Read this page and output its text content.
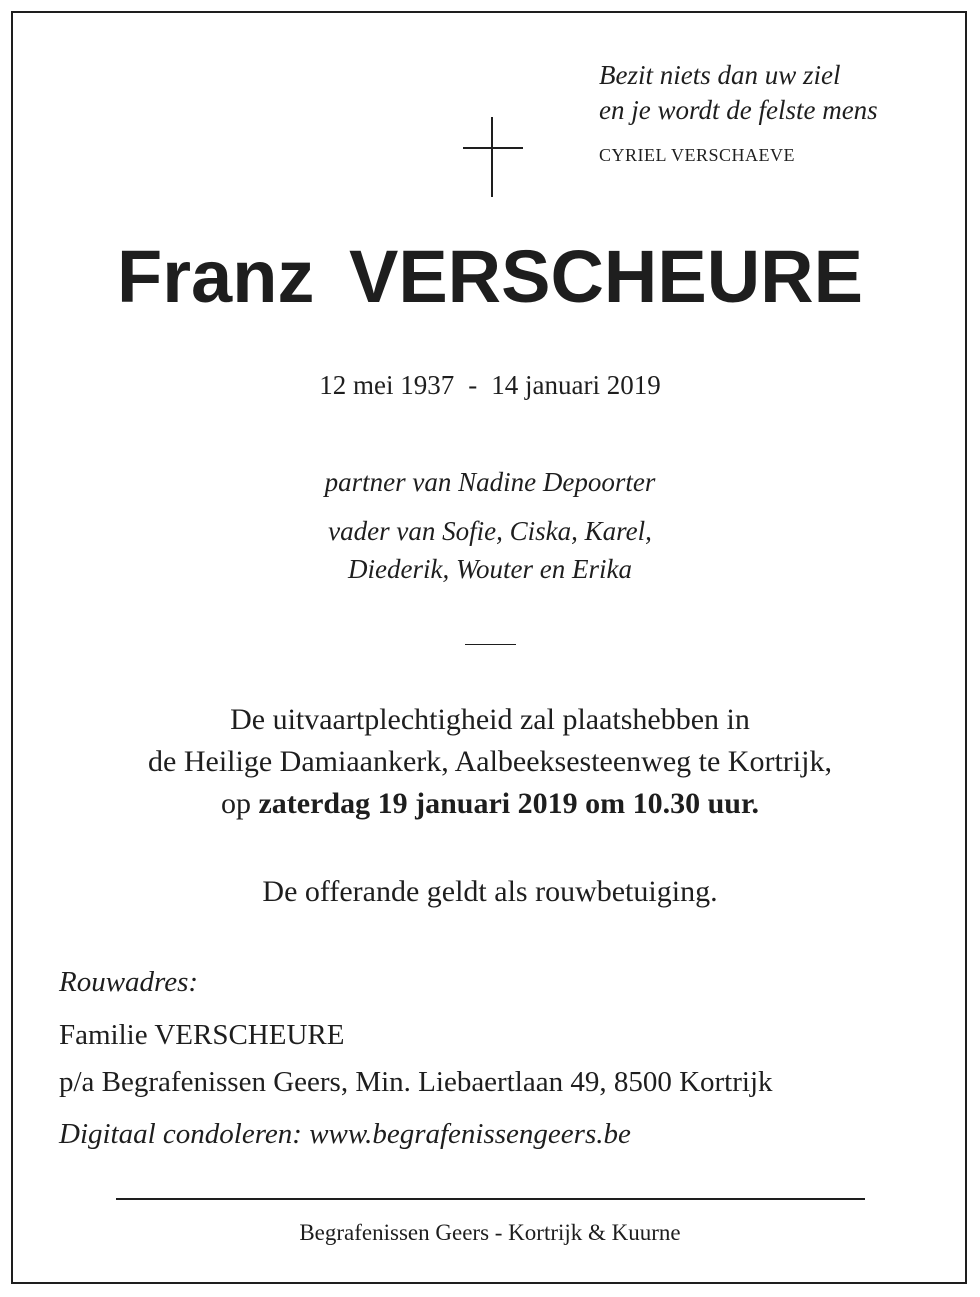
Bezit niets dan uw ziel
en je wordt de felste mens
CYRIEL VERSCHAEVE
Franz VERSCHEURE
12 mei 1937 - 14 januari 2019
partner van Nadine Depoorter
vader van Sofie, Ciska, Karel,
Diederik, Wouter en Erika
De uitvaartplechtigheid zal plaatshebben in
de Heilige Damiaankerk, Aalbeeksesteenweg te Kortrijk,
op zaterdag 19 januari 2019 om 10.30 uur.
De offerande geldt als rouwbetuiging.
Rouwadres:
Familie VERSCHEURE
p/a Begrafenissen Geers, Min. Liebaertlaan 49, 8500 Kortrijk
Digitaal condoleren: www.begrafenissengeers.be
Begrafenissen Geers - Kortrijk & Kuurne
